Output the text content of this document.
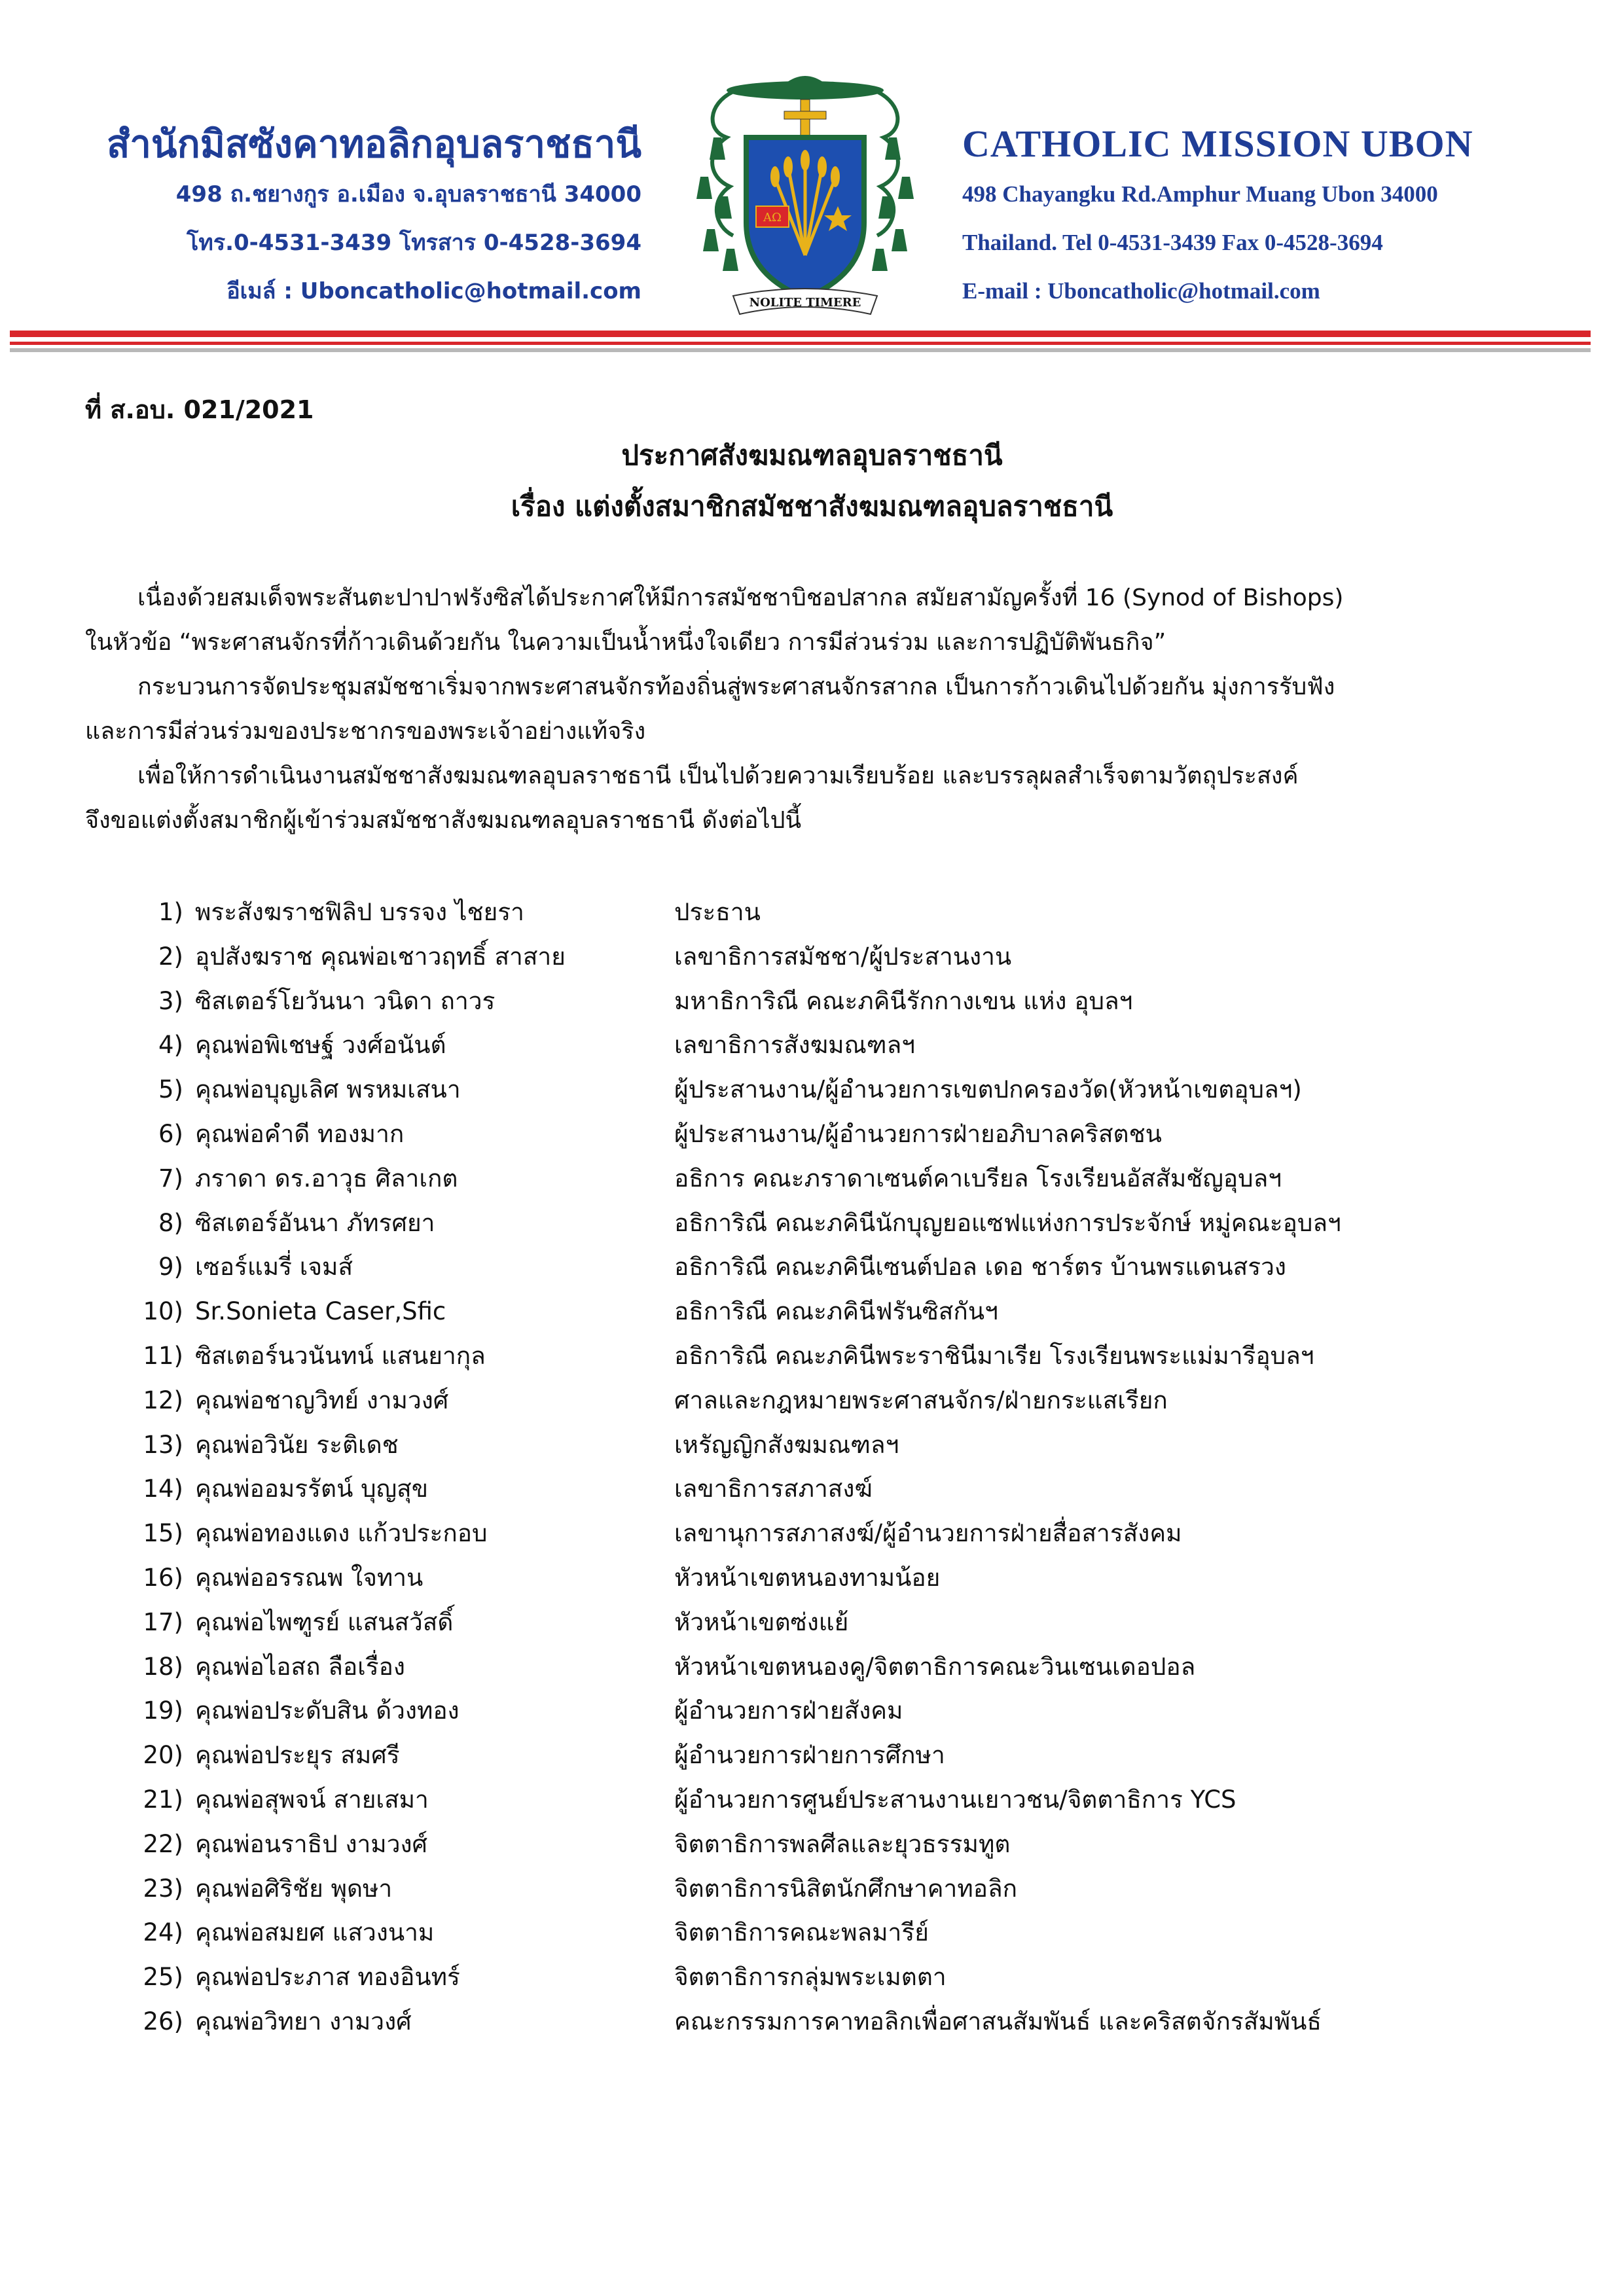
สำนักมิสซังคาทอลิกอุบลราชธานี
498 ถ.ชยางกูร อ.เมือง จ.อุบลราชธานี 34000
โทร.0-4531-3439 โทรสาร 0-4528-3694
อีเมล์ : Uboncatholic@hotmail.com
AΩ
NOLITE TIMERE
CATHOLIC MISSION UBON
498 Chayangku Rd.Amphur Muang Ubon 34000
Thailand. Tel 0-4531-3439 Fax 0-4528-3694
E-mail : Uboncatholic@hotmail.com
ที่ ส.อบ. 021/2021
ประกาศสังฆมณฑลอุบลราชธานี
เรื่อง แต่งตั้งสมาชิกสมัชชาสังฆมณฑลอุบลราชธานี

เนื่องด้วยสมเด็จพระสันตะปาปาฟรังซิสได้ประกาศให้มีการสมัชชาบิชอปสากล สมัยสามัญครั้งที่ 16 (Synod of Bishops)

ในหัวข้อ “พระศาสนจักรที่ก้าวเดินด้วยกัน ในความเป็นน้ำหนึ่งใจเดียว การมีส่วนร่วม และการปฏิบัติพันธกิจ”

กระบวนการจัดประชุมสมัชชาเริ่มจากพระศาสนจักรท้องถิ่นสู่พระศาสนจักรสากล เป็นการก้าวเดินไปด้วยกัน มุ่งการรับฟัง

และการมีส่วนร่วมของประชากรของพระเจ้าอย่างแท้จริง

เพื่อให้การดำเนินงานสมัชชาสังฆมณฑลอุบลราชธานี เป็นไปด้วยความเรียบร้อย และบรรลุผลสำเร็จตามวัตถุประสงค์

จึงขอแต่งตั้งสมาชิกผู้เข้าร่วมสมัชชาสังฆมณฑลอุบลราชธานี ดังต่อไปนี้

1) พระสังฆราชฟิลิป บรรจง ไชยรา	ประธาน
2) อุปสังฆราช คุณพ่อเชาวฤทธิ์ สาสาย	เลขาธิการสมัชชา/ผู้ประสานงาน
3) ซิสเตอร์โยวันนา วนิดา ถาวร	มหาธิการิณี คณะภคินีรักกางเขน แห่ง อุบลฯ
4) คุณพ่อพิเชษฐ์ วงศ์อนันต์	เลขาธิการสังฆมณฑลฯ
5) คุณพ่อบุญเลิศ พรหมเสนา	ผู้ประสานงาน/ผู้อำนวยการเขตปกครองวัด(หัวหน้าเขตอุบลฯ)
6) คุณพ่อคำดี ทองมาก	ผู้ประสานงาน/ผู้อำนวยการฝ่ายอภิบาลคริสตชน
7) ภราดา ดร.อาวุธ ศิลาเกต	อธิการ คณะภราดาเซนต์คาเบรียล โรงเรียนอัสสัมชัญอุบลฯ
8) ซิสเตอร์อันนา ภัทรศยา	อธิการิณี คณะภคินีนักบุญยอแซฟแห่งการประจักษ์ หมู่คณะอุบลฯ
9) เซอร์แมรี่ เจมส์	อธิการิณี คณะภคินีเซนต์ปอล เดอ ชาร์ตร บ้านพรแดนสรวง
10) Sr.Sonieta Caser,Sfic	อธิการิณี คณะภคินีฟรันซิสกันฯ
11) ซิสเตอร์นวนันทน์ แสนยากุล	อธิการิณี คณะภคินีพระราชินีมาเรีย โรงเรียนพระแม่มารีอุบลฯ
12) คุณพ่อชาญวิทย์ งามวงศ์	ศาลและกฎหมายพระศาสนจักร/ฝ่ายกระแสเรียก
13) คุณพ่อวินัย ระติเดช	เหรัญญิกสังฆมณฑลฯ
14) คุณพ่ออมรรัตน์ บุญสุข	เลขาธิการสภาสงฆ์
15) คุณพ่อทองแดง แก้วประกอบ	เลขานุการสภาสงฆ์/ผู้อำนวยการฝ่ายสื่อสารสังคม
16) คุณพ่ออรรณพ ใจทาน	หัวหน้าเขตหนองทามน้อย
17) คุณพ่อไพฑูรย์ แสนสวัสดิ์	หัวหน้าเขตซ่งแย้
18) คุณพ่อไอสถ ลือเรื่อง	หัวหน้าเขตหนองคู/จิตตาธิการคณะวินเซนเดอปอล
19) คุณพ่อประดับสิน ด้วงทอง	ผู้อำนวยการฝ่ายสังคม
20) คุณพ่อประยุร สมศรี	ผู้อำนวยการฝ่ายการศึกษา
21) คุณพ่อสุพจน์ สายเสมา	ผู้อำนวยการศูนย์ประสานงานเยาวชน/จิตตาธิการ YCS
22) คุณพ่อนราธิป งามวงศ์	จิตตาธิการพลศีลและยุวธรรมทูต
23) คุณพ่อศิริชัย พุดษา	จิตตาธิการนิสิตนักศึกษาคาทอลิก
24) คุณพ่อสมยศ แสวงนาม	จิตตาธิการคณะพลมารีย์
25) คุณพ่อประภาส ทองอินทร์	จิตตาธิการกลุ่มพระเมตตา
26) คุณพ่อวิทยา งามวงศ์	คณะกรรมการคาทอลิกเพื่อศาสนสัมพันธ์ และคริสตจักรสัมพันธ์
